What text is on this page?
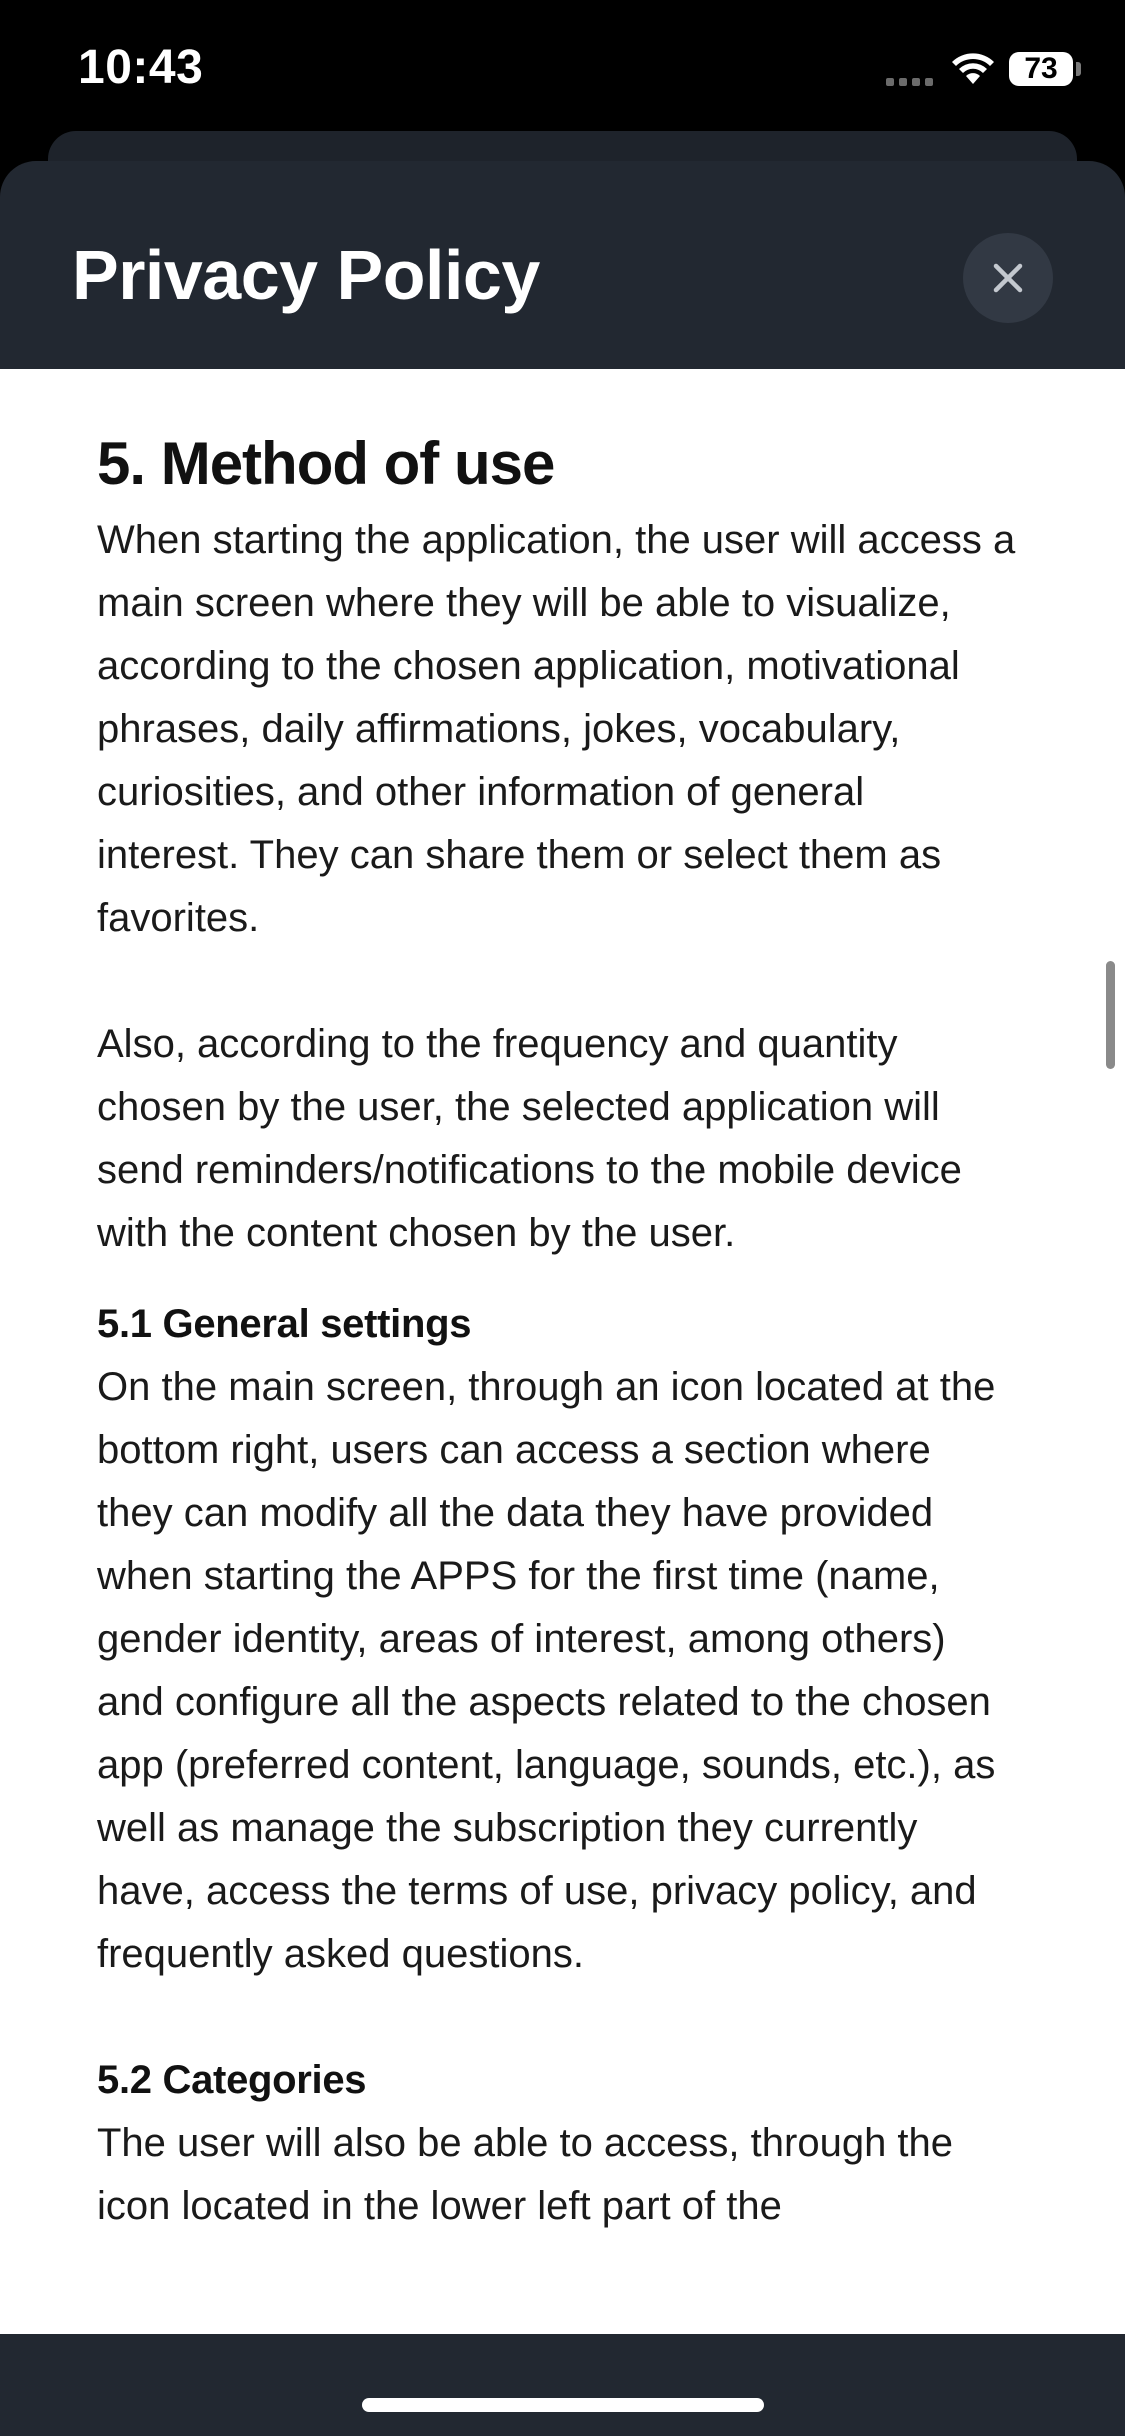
10:43	73
Privacy Policy
5. Method of use

When starting the application, the user will access a main screen where they will be able to visualize, according to the chosen application, motivational phrases, daily affirmations, jokes, vocabulary, curiosities, and other information of general interest. They can share them or select them as favorites.

Also, according to the frequency and quantity chosen by the user, the selected application will send reminders/notifications to the mobile device with the content chosen by the user.

5.1 General settings

On the main screen, through an icon located at the bottom right, users can access a section where they can modify all the data they have provided when starting the APPS for the first time (name, gender identity, areas of interest, among others) and configure all the aspects related to the chosen app (preferred content, language, sounds, etc.), as well as manage the subscription they currently have, access the terms of use, privacy policy, and frequently asked questions.

5.2 Categories

The user will also be able to access, through the icon located in the lower left part of the
